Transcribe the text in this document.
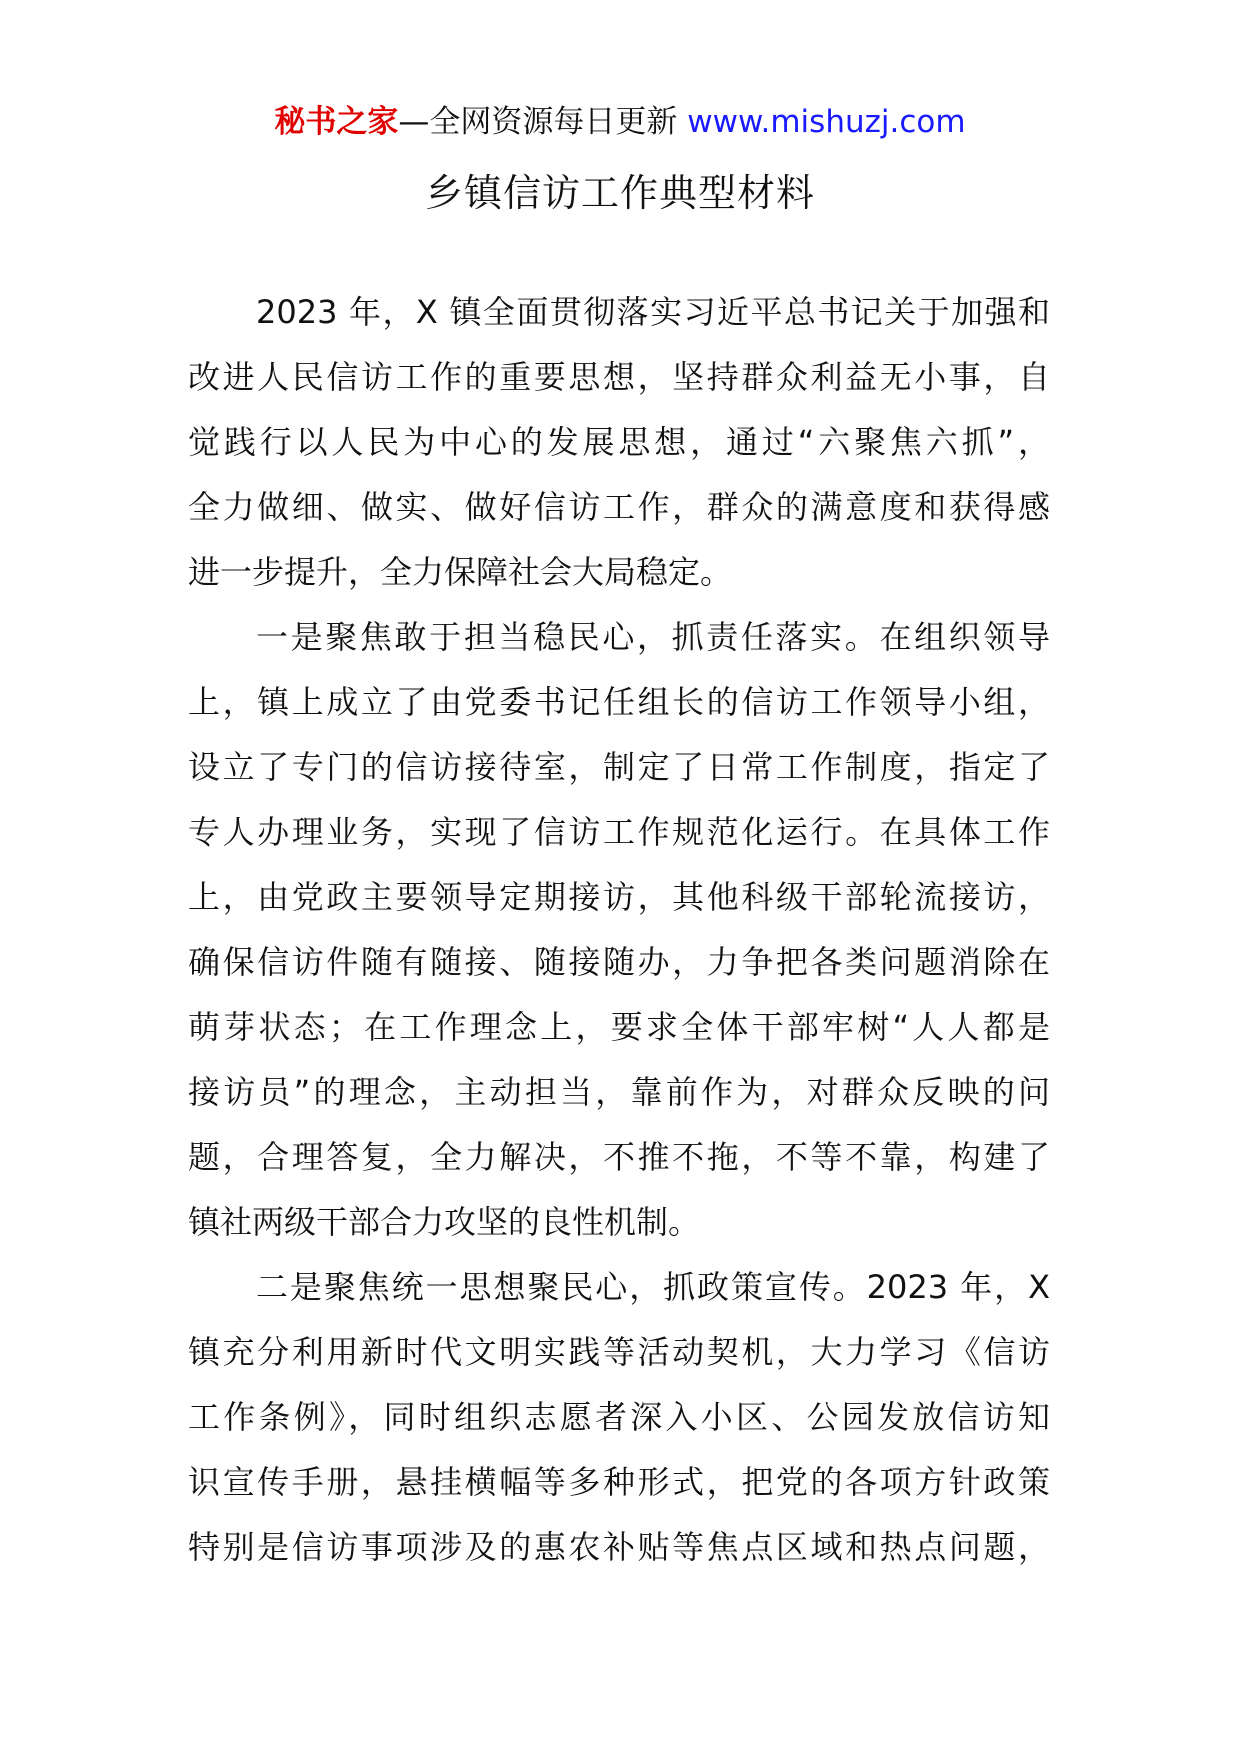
秘书之家—全网资源每日更新 www.mishuzj.com
乡镇信访工作典型材料
2023 年，X 镇全面贯彻落实习近平总书记关于加强和
改进人民信访工作的重要思想，坚持群众利益无小事，自
觉践行以人民为中心的发展思想，通过“六聚焦六抓”，
全力做细、做实、做好信访工作，群众的满意度和获得感
进一步提升，全力保障社会大局稳定。
一是聚焦敢于担当稳民心，抓责任落实。在组织领导
上，镇上成立了由党委书记任组长的信访工作领导小组，
设立了专门的信访接待室，制定了日常工作制度，指定了
专人办理业务，实现了信访工作规范化运行。在具体工作
上，由党政主要领导定期接访，其他科级干部轮流接访，
确保信访件随有随接、随接随办，力争把各类问题消除在
萌芽状态；在工作理念上，要求全体干部牢树“人人都是
接访员”的理念，主动担当，靠前作为，对群众反映的问
题，合理答复，全力解决，不推不拖，不等不靠，构建了
镇社两级干部合力攻坚的良性机制。
二是聚焦统一思想聚民心，抓政策宣传。2023 年，X
镇充分利用新时代文明实践等活动契机，大力学习《信访
工作条例》，同时组织志愿者深入小区、公园发放信访知
识宣传手册，悬挂横幅等多种形式，把党的各项方针政策
特别是信访事项涉及的惠农补贴等焦点区域和热点问题，
